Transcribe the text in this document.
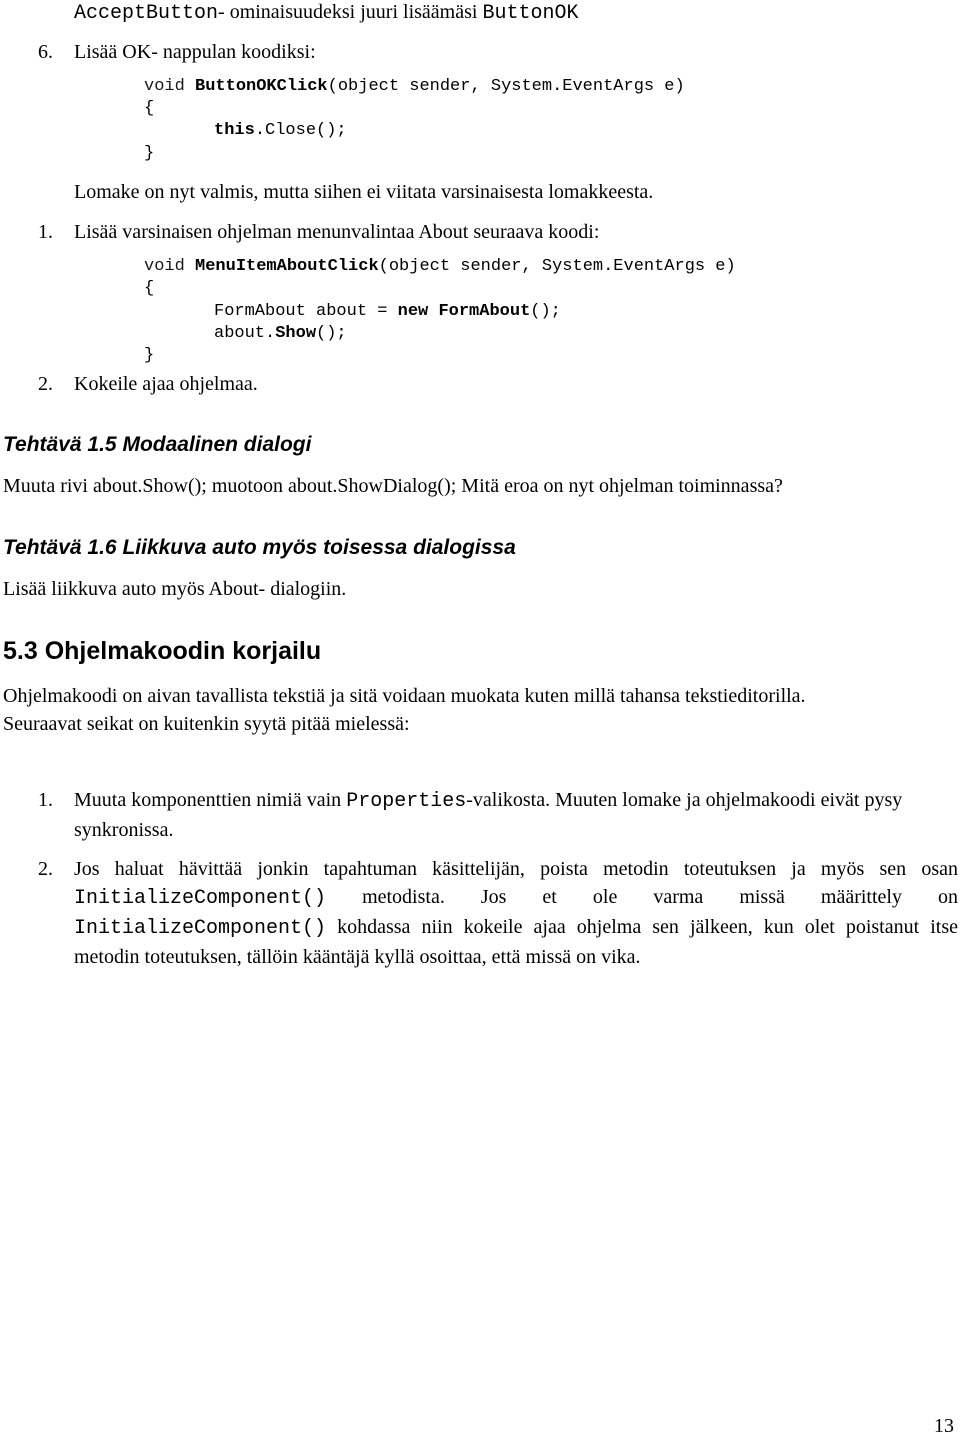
AcceptButton- ominaisuudeksi juuri lisäämäsi ButtonOK
6. Lisää OK- nappulan koodiksi:
void ButtonOKClick(object sender, System.EventArgs e)
{
this.Close();
}
Lomake on nyt valmis, mutta siihen ei viitata varsinaisesta lomakkeesta.
1. Lisää varsinaisen ohjelman menunvalintaa About seuraava koodi:
void MenuItemAboutClick(object sender, System.EventArgs e)
{
FormAbout about = new FormAbout();
about.Show();
}
2. Kokeile ajaa ohjelmaa.
Tehtävä 1.5 Modaalinen dialogi
Muuta rivi about.Show(); muotoon about.ShowDialog(); Mitä eroa on nyt ohjelman toiminnassa?
Tehtävä 1.6 Liikkuva auto myös toisessa dialogissa
Lisää liikkuva auto myös About- dialogiin.
5.3 Ohjelmakoodin korjailu
Ohjelmakoodi on aivan tavallista tekstiä ja sitä voidaan muokata kuten millä tahansa tekstieditorilla.
Seuraavat seikat on kuitenkin syytä pitää mielessä:
1. Muuta komponenttien nimiä vain Properties-valikosta. Muuten lomake ja ohjelmakoodi eivät pysy synkronissa.
2. Jos haluat hävittää jonkin tapahtuman käsittelijän, poista metodin toteutuksen ja myös sen osan InitializeComponent() metodista. Jos et ole varma missä määrittely on InitializeComponent() kohdassa niin kokeile ajaa ohjelma sen jälkeen, kun olet poistanut itse metodin toteutuksen, tällöin kääntäjä kyllä osoittaa, että missä on vika.
13
